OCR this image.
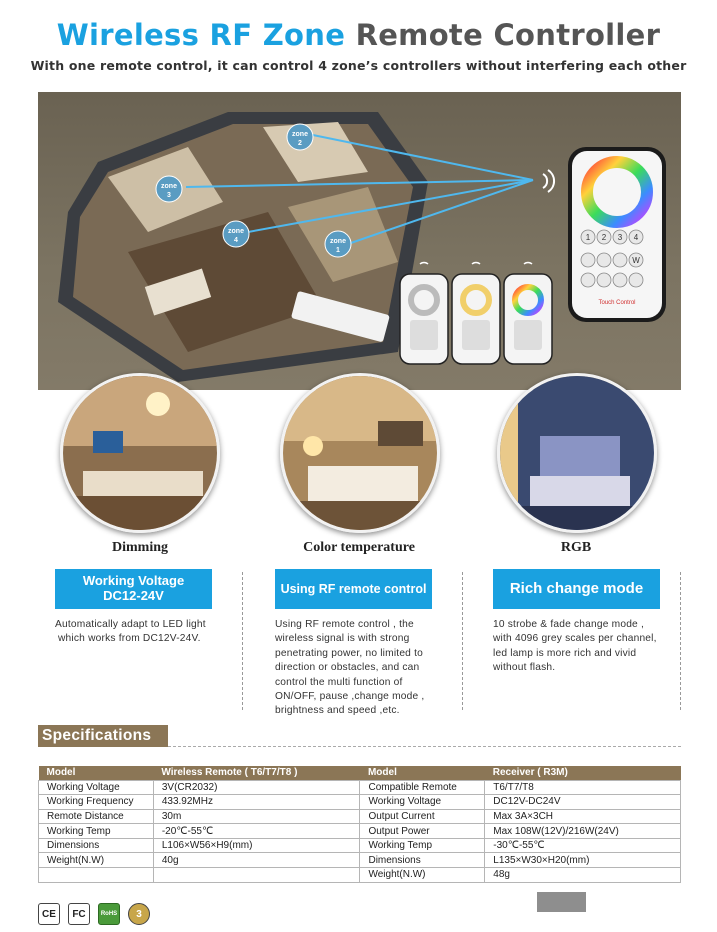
Wireless RF Zone Remote Controller
With one remote control, it can control 4 zone’s controllers without interfering each other
zone
1
zone
2
zone
3
zone
4	1 2 3 4
W
Touch Control
Dimming	Color temperature	RGB
Working Voltage
DC12-24V	Using RF remote control	Rich change mode
Automatically adapt to LED light
which works from DC12V-24V.
Using RF remote control , the
wireless signal is with strong
penetrating power, no limited to
direction or obstacles, and can
control the multi function of
ON/OFF, pause ,change mode ,
brightness and speed ,etc.
10 strobe & fade change mode ,
with 4096 grey scales per channel,
led lamp is more rich and vivid
without flash.
Specifications
Model	Wireless Remote ( T6/T7/T8 )	Model	Receiver ( R3M)
Working Voltage	3V(CR2032)	Compatible Remote	T6/T7/T8
Working Frequency	433.92MHz	Working Voltage	DC12V-DC24V
Remote Distance	30m	Output Current	Max 3A×3CH
Working Temp	-20℃-55℃	Output Power	Max 108W(12V)/216W(24V)
Dimensions	L106×W56×H9(mm)	Working Temp	-30℃-55℃
Weight(N.W)	40g	Dimensions	L135×W30×H20(mm)
		Weight(N.W)	48g
CE	FC	RoHS	3
